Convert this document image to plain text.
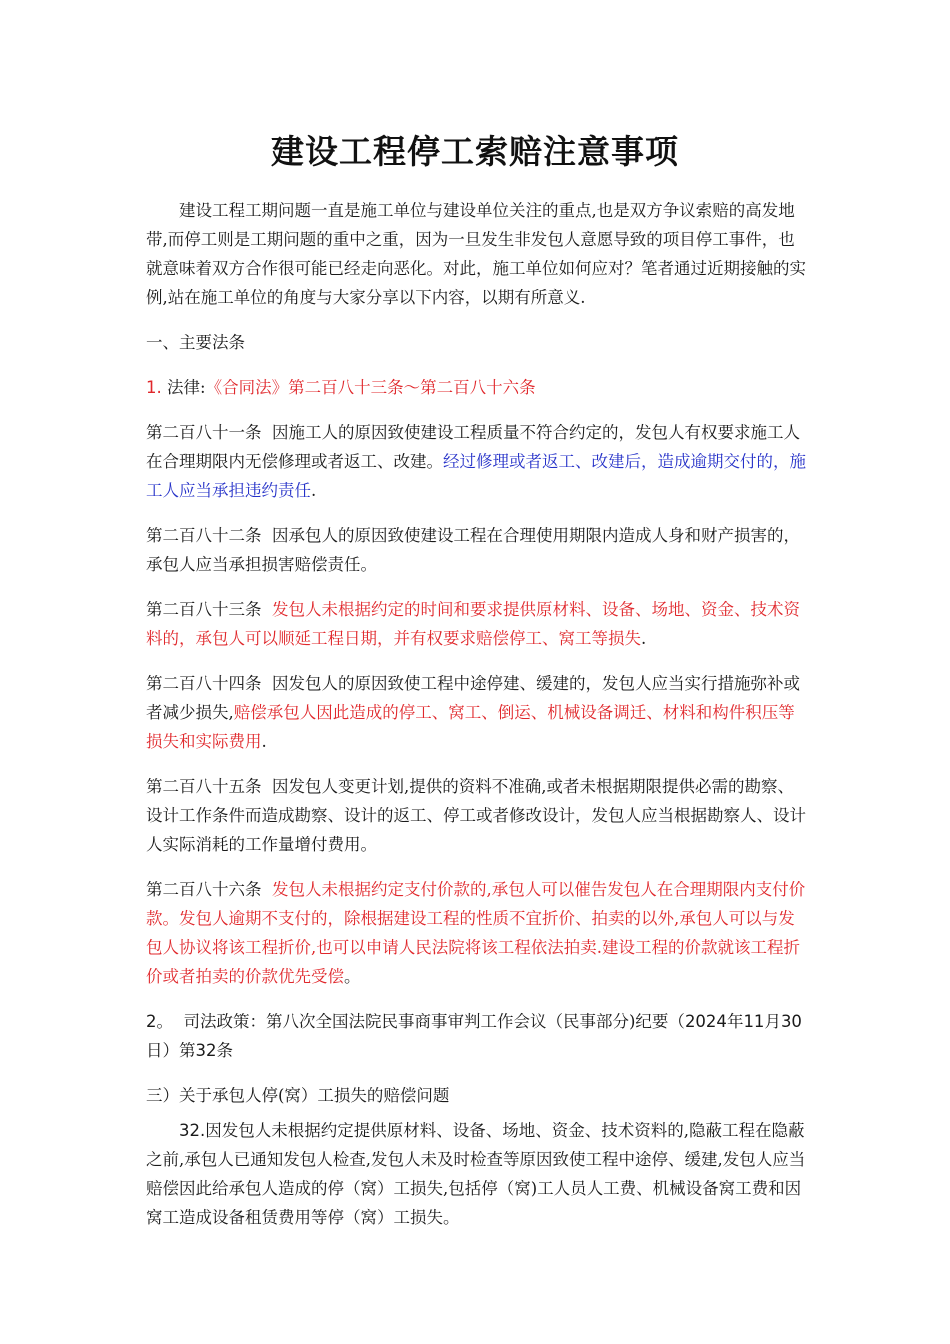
建设工程停工索赔注意事项

建设工程工期问题一直是施工单位与建设单位关注的重点,也是双方争议索赔的高发地带,而停工则是工期问题的重中之重，因为一旦发生非发包人意愿导致的项目停工事件，也就意味着双方合作很可能已经走向恶化。对此，施工单位如何应对？笔者通过近期接触的实例,站在施工单位的角度与大家分享以下内容，以期有所意义.

一、主要法条

1. 法律:《合同法》第二百八十三条～第二百八十六条

第二百八十一条 因施工人的原因致使建设工程质量不符合约定的，发包人有权要求施工人在合理期限内无偿修理或者返工、改建。经过修理或者返工、改建后，造成逾期交付的，施工人应当承担违约责任.

第二百八十二条 因承包人的原因致使建设工程在合理使用期限内造成人身和财产损害的，承包人应当承担损害赔偿责任。

第二百八十三条 发包人未根据约定的时间和要求提供原材料、设备、场地、资金、技术资料的，承包人可以顺延工程日期，并有权要求赔偿停工、窝工等损失.

第二百八十四条 因发包人的原因致使工程中途停建、缓建的，发包人应当实行措施弥补或者减少损失,赔偿承包人因此造成的停工、窝工、倒运、机械设备调迁、材料和构件积压等损失和实际费用.

第二百八十五条 因发包人变更计划,提供的资料不准确,或者未根据期限提供必需的勘察、设计工作条件而造成勘察、设计的返工、停工或者修改设计，发包人应当根据勘察人、设计人实际消耗的工作量增付费用。

第二百八十六条 发包人未根据约定支付价款的,承包人可以催告发包人在合理期限内支付价款。发包人逾期不支付的，除根据建设工程的性质不宜折价、拍卖的以外,承包人可以与发包人协议将该工程折价,也可以申请人民法院将该工程依法拍卖.建设工程的价款就该工程折价或者拍卖的价款优先受偿。

2。 司法政策：第八次全国法院民事商事审判工作会议（民事部分)纪要（2024年11月30日）第32条

三）关于承包人停(窝）工损失的赔偿问题

32.因发包人未根据约定提供原材料、设备、场地、资金、技术资料的,隐蔽工程在隐蔽之前,承包人已通知发包人检查,发包人未及时检查等原因致使工程中途停、缓建,发包人应当赔偿因此给承包人造成的停（窝）工损失,包括停（窝)工人员人工费、机械设备窝工费和因窝工造成设备租赁费用等停（窝）工损失。
